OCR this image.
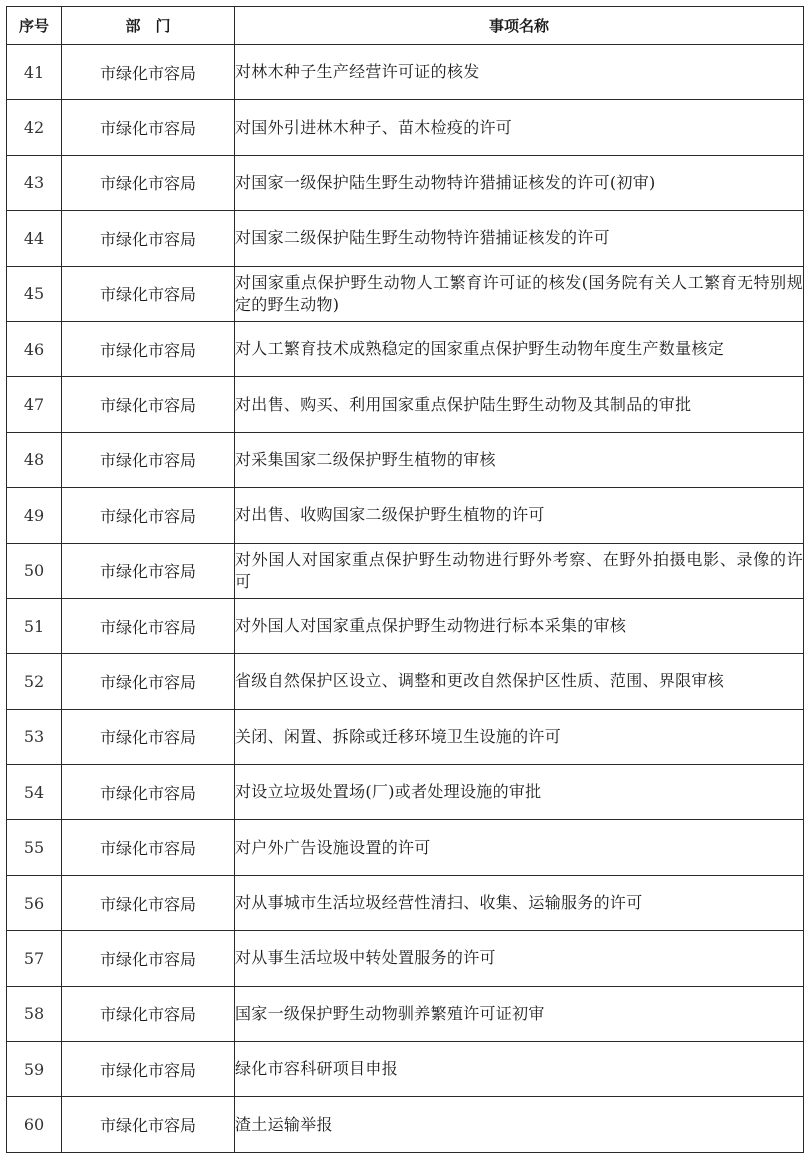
序号	部　门	事项名称
41	市绿化市容局	对林木种子生产经营许可证的核发
42	市绿化市容局	对国外引进林木种子、苗木检疫的许可
43	市绿化市容局	对国家一级保护陆生野生动物特许猎捕证核发的许可(初审)
44	市绿化市容局	对国家二级保护陆生野生动物特许猎捕证核发的许可
45	市绿化市容局	对国家重点保护野生动物人工繁育许可证的核发(国务院有关人工繁育无特别规定的野生动物)
46	市绿化市容局	对人工繁育技术成熟稳定的国家重点保护野生动物年度生产数量核定
47	市绿化市容局	对出售、购买、利用国家重点保护陆生野生动物及其制品的审批
48	市绿化市容局	对采集国家二级保护野生植物的审核
49	市绿化市容局	对出售、收购国家二级保护野生植物的许可
50	市绿化市容局	对外国人对国家重点保护野生动物进行野外考察、在野外拍摄电影、录像的许可
51	市绿化市容局	对外国人对国家重点保护野生动物进行标本采集的审核
52	市绿化市容局	省级自然保护区设立、调整和更改自然保护区性质、范围、界限审核
53	市绿化市容局	关闭、闲置、拆除或迁移环境卫生设施的许可
54	市绿化市容局	对设立垃圾处置场(厂)或者处理设施的审批
55	市绿化市容局	对户外广告设施设置的许可
56	市绿化市容局	对从事城市生活垃圾经营性清扫、收集、运输服务的许可
57	市绿化市容局	对从事生活垃圾中转处置服务的许可
58	市绿化市容局	国家一级保护野生动物驯养繁殖许可证初审
59	市绿化市容局	绿化市容科研项目申报
60	市绿化市容局	渣土运输举报
